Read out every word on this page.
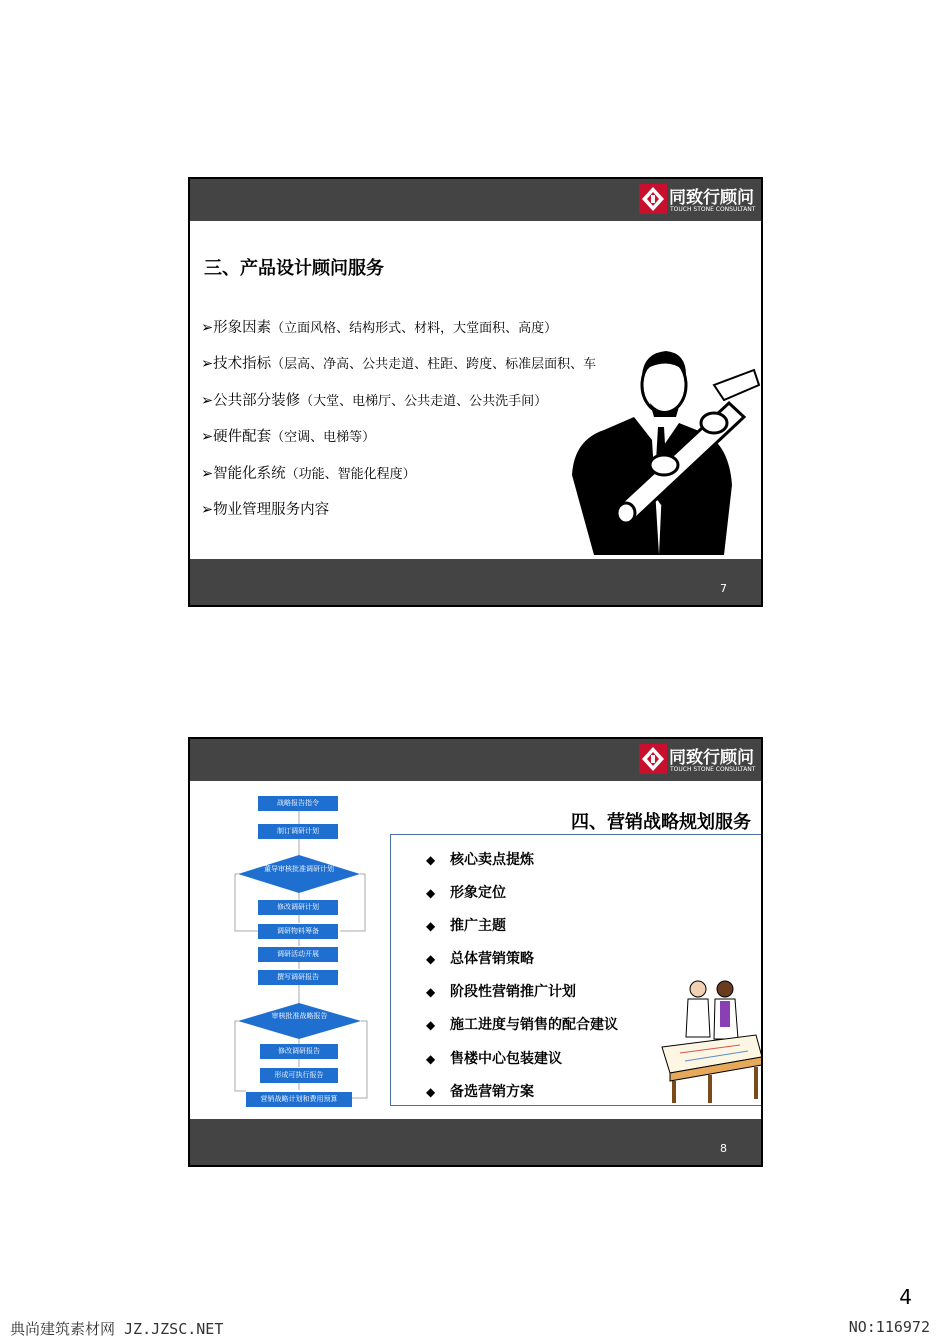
同致行顾问
TOUCH STONE CONSULTANT
三、产品设计顾问服务
➢形象因素（立面风格、结构形式、材料，大堂面积、高度）
➢技术指标（层高、净高、公共走道、柱距、跨度、标准层面积、车
➢公共部分装修（大堂、电梯厅、公共走道、公共洗手间）
➢硬件配套（空调、电梯等）
➢智能化系统（功能、智能化程度）
➢物业管理服务内容
7
同致行顾问
TOUCH STONE CONSULTANT
战略报告指令
制订调研计划
董导审核批准调研计划
修改调研计划
调研物料筹备
调研活动开展
撰写调研报告
审核批准战略报告
修改调研报告
形成可执行报告
营销战略计划和费用预算
四、营销战略规划服务
◆ 核心卖点提炼
◆ 形象定位
◆ 推广主题
◆ 总体营销策略
◆ 阶段性营销推广计划
◆ 施工进度与销售的配合建议
◆ 售楼中心包装建议
◆ 备选营销方案
8
4
典尚建筑素材网 JZ.JZSC.NET	NO:116972
